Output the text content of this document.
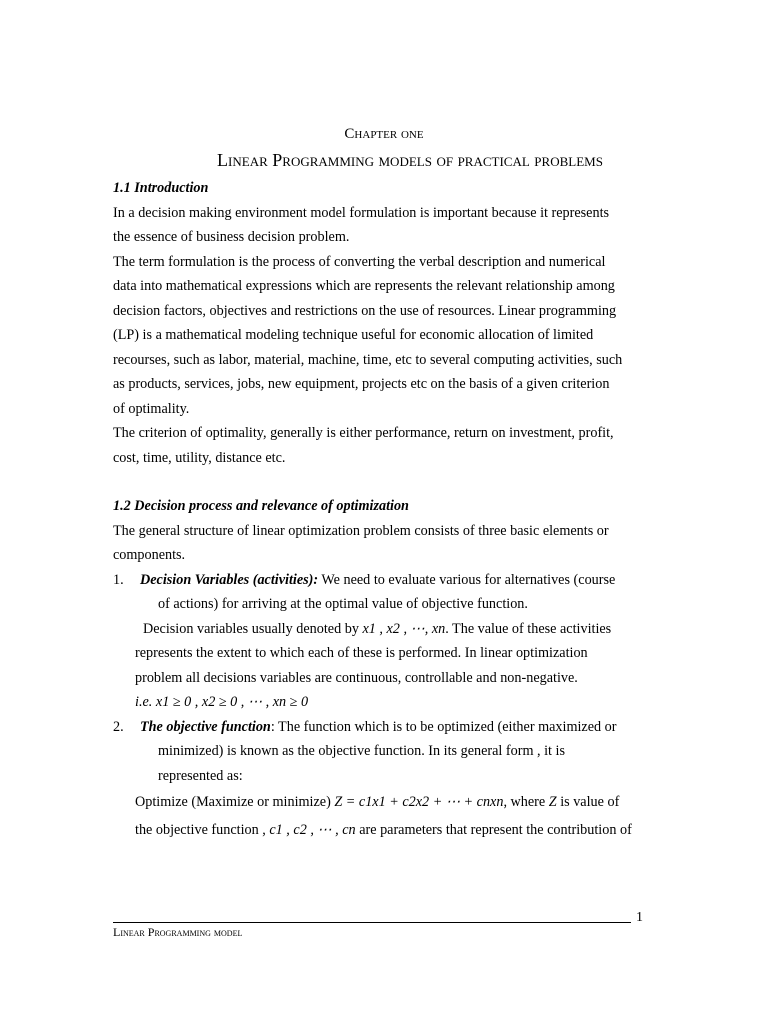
Chapter one
Linear Programming models of practical problems
1.1 Introduction
In a decision making environment model formulation is important because it represents
the essence of business decision problem.
The term formulation is the process of converting the verbal description and numerical
data into mathematical expressions which are represents the relevant relationship among
decision factors, objectives and restrictions on the use of resources. Linear programming
(LP) is a mathematical modeling technique useful for economic allocation of limited
recourses, such as labor, material, machine, time, etc to several computing activities, such
as products, services, jobs, new equipment, projects etc on the basis of a given criterion
of optimality.
The criterion of optimality, generally is either performance, return on investment, profit,
cost, time, utility, distance etc.
1.2 Decision process and relevance of optimization
The general structure of linear optimization problem consists of three basic elements or
components.
1. Decision Variables (activities): We need to evaluate various for alternatives (course
of actions) for arriving at the optimal value of objective function.
Decision variables usually denoted by x1 , x2 , ⋯, xn. The value of these activities
represents the extent to which each of these is performed. In linear optimization
problem all decisions variables are continuous, controllable and non-negative.
i.e. x1 ≥ 0 , x2 ≥ 0 , ⋯ , xn ≥ 0
2. The objective function: The function which is to be optimized (either maximized or
minimized) is known as the objective function. In its general form , it is
represented as:
Optimize (Maximize or minimize) Z = c1x1 + c2x2 + ⋯ + cnxn, where Z is value of
the objective function , c1 , c2 , ⋯ , cn are parameters that represent the contribution of
1
Linear Programming model
